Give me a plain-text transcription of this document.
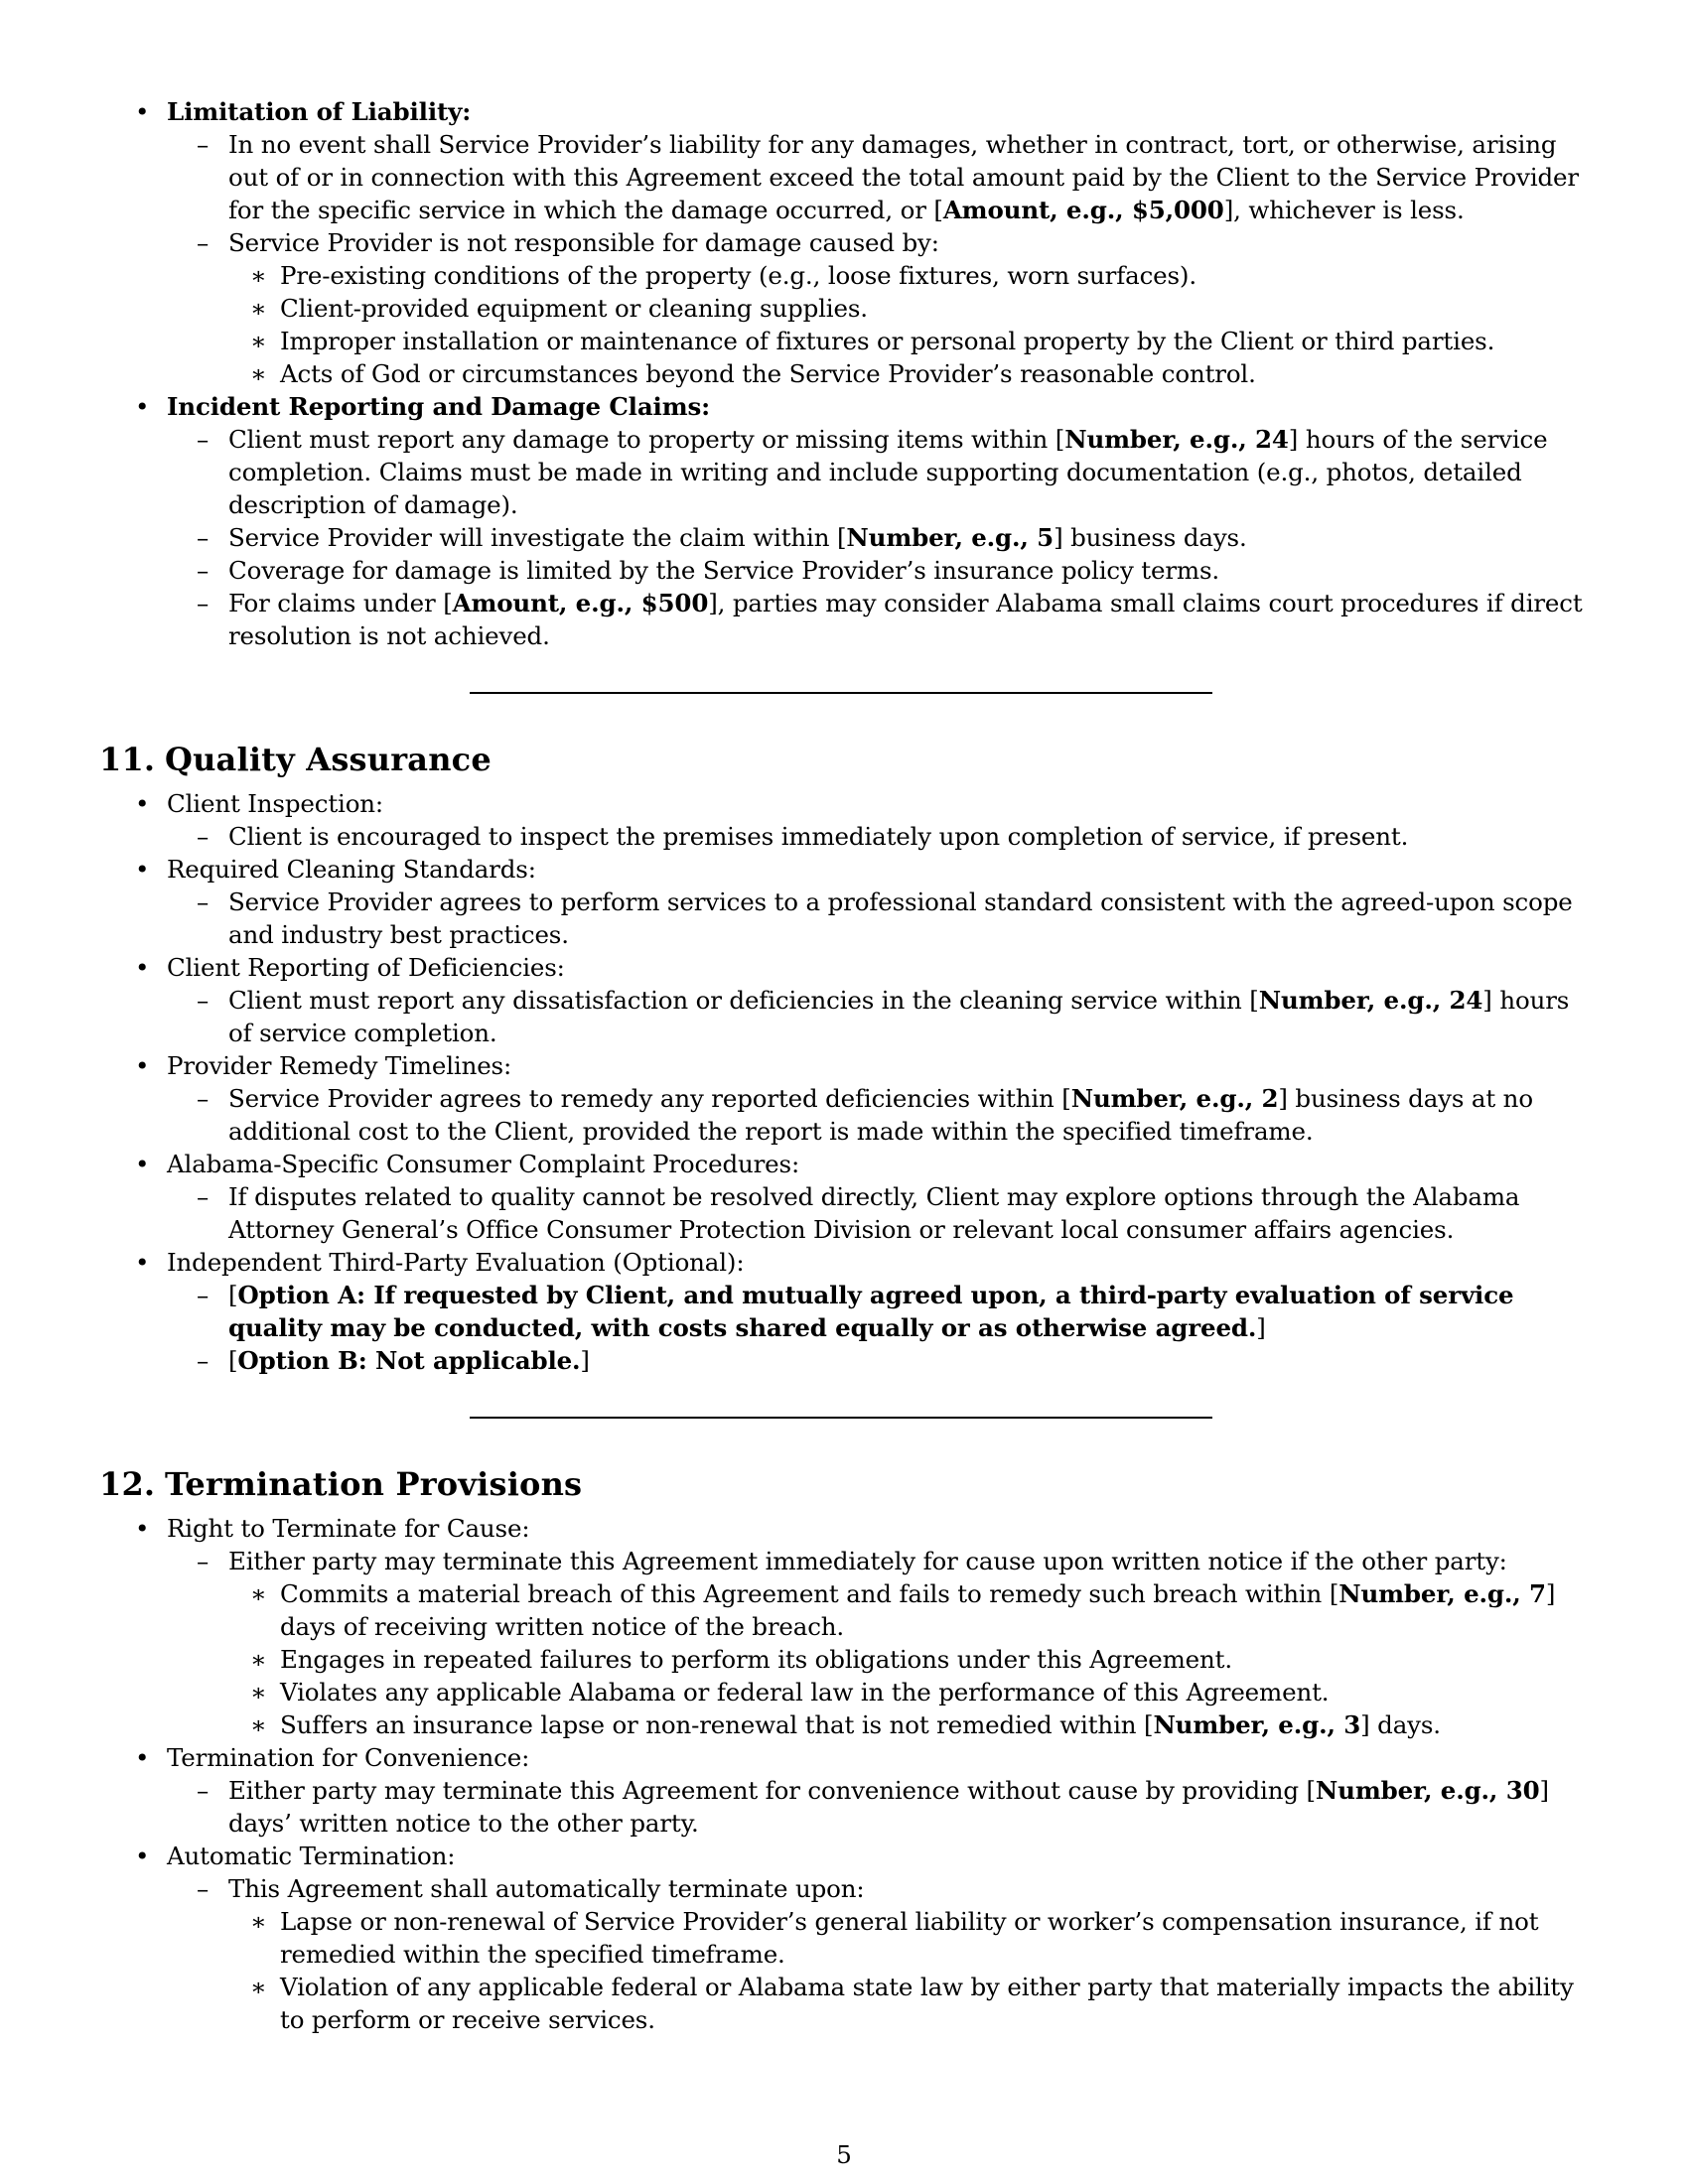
• Limitation of Liability:
– In no event shall Service Provider’s liability for any damages, whether in contract, tort, or otherwise, arising out of or in connection with this Agreement exceed the total amount paid by the Client to the Service Provider for the specific service in which the damage occurred, or [Amount, e.g., $5,000], whichever is less.
– Service Provider is not responsible for damage caused by:
∗ Pre-existing conditions of the property (e.g., loose fixtures, worn surfaces).
∗ Client-provided equipment or cleaning supplies.
∗ Improper installation or maintenance of fixtures or personal property by the Client or third parties.
∗ Acts of God or circumstances beyond the Service Provider’s reasonable control.
• Incident Reporting and Damage Claims:
– Client must report any damage to property or missing items within [Number, e.g., 24] hours of the service completion. Claims must be made in writing and include supporting documentation (e.g., photos, detailed description of damage).
– Service Provider will investigate the claim within [Number, e.g., 5] business days.
– Coverage for damage is limited by the Service Provider’s insurance policy terms.
– For claims under [Amount, e.g., $500], parties may consider Alabama small claims court procedures if direct resolution is not achieved.
11. Quality Assurance
• Client Inspection:
– Client is encouraged to inspect the premises immediately upon completion of service, if present.
• Required Cleaning Standards:
– Service Provider agrees to perform services to a professional standard consistent with the agreed-upon scope and industry best practices.
• Client Reporting of Deficiencies:
– Client must report any dissatisfaction or deficiencies in the cleaning service within [Number, e.g., 24] hours of service completion.
• Provider Remedy Timelines:
– Service Provider agrees to remedy any reported deficiencies within [Number, e.g., 2] business days at no additional cost to the Client, provided the report is made within the specified timeframe.
• Alabama-Specific Consumer Complaint Procedures:
– If disputes related to quality cannot be resolved directly, Client may explore options through the Alabama Attorney General’s Office Consumer Protection Division or relevant local consumer affairs agencies.
• Independent Third-Party Evaluation (Optional):
– [Option A: If requested by Client, and mutually agreed upon, a third-party evaluation of service quality may be conducted, with costs shared equally or as otherwise agreed.]
– [Option B: Not applicable.]
12. Termination Provisions
• Right to Terminate for Cause:
– Either party may terminate this Agreement immediately for cause upon written notice if the other party:
∗ Commits a material breach of this Agreement and fails to remedy such breach within [Number, e.g., 7] days of receiving written notice of the breach.
∗ Engages in repeated failures to perform its obligations under this Agreement.
∗ Violates any applicable Alabama or federal law in the performance of this Agreement.
∗ Suffers an insurance lapse or non-renewal that is not remedied within [Number, e.g., 3] days.
• Termination for Convenience:
– Either party may terminate this Agreement for convenience without cause by providing [Number, e.g., 30] days’ written notice to the other party.
• Automatic Termination:
– This Agreement shall automatically terminate upon:
∗ Lapse or non-renewal of Service Provider’s general liability or worker’s compensation insurance, if not remedied within the specified timeframe.
∗ Violation of any applicable federal or Alabama state law by either party that materially impacts the ability to perform or receive services.
5
